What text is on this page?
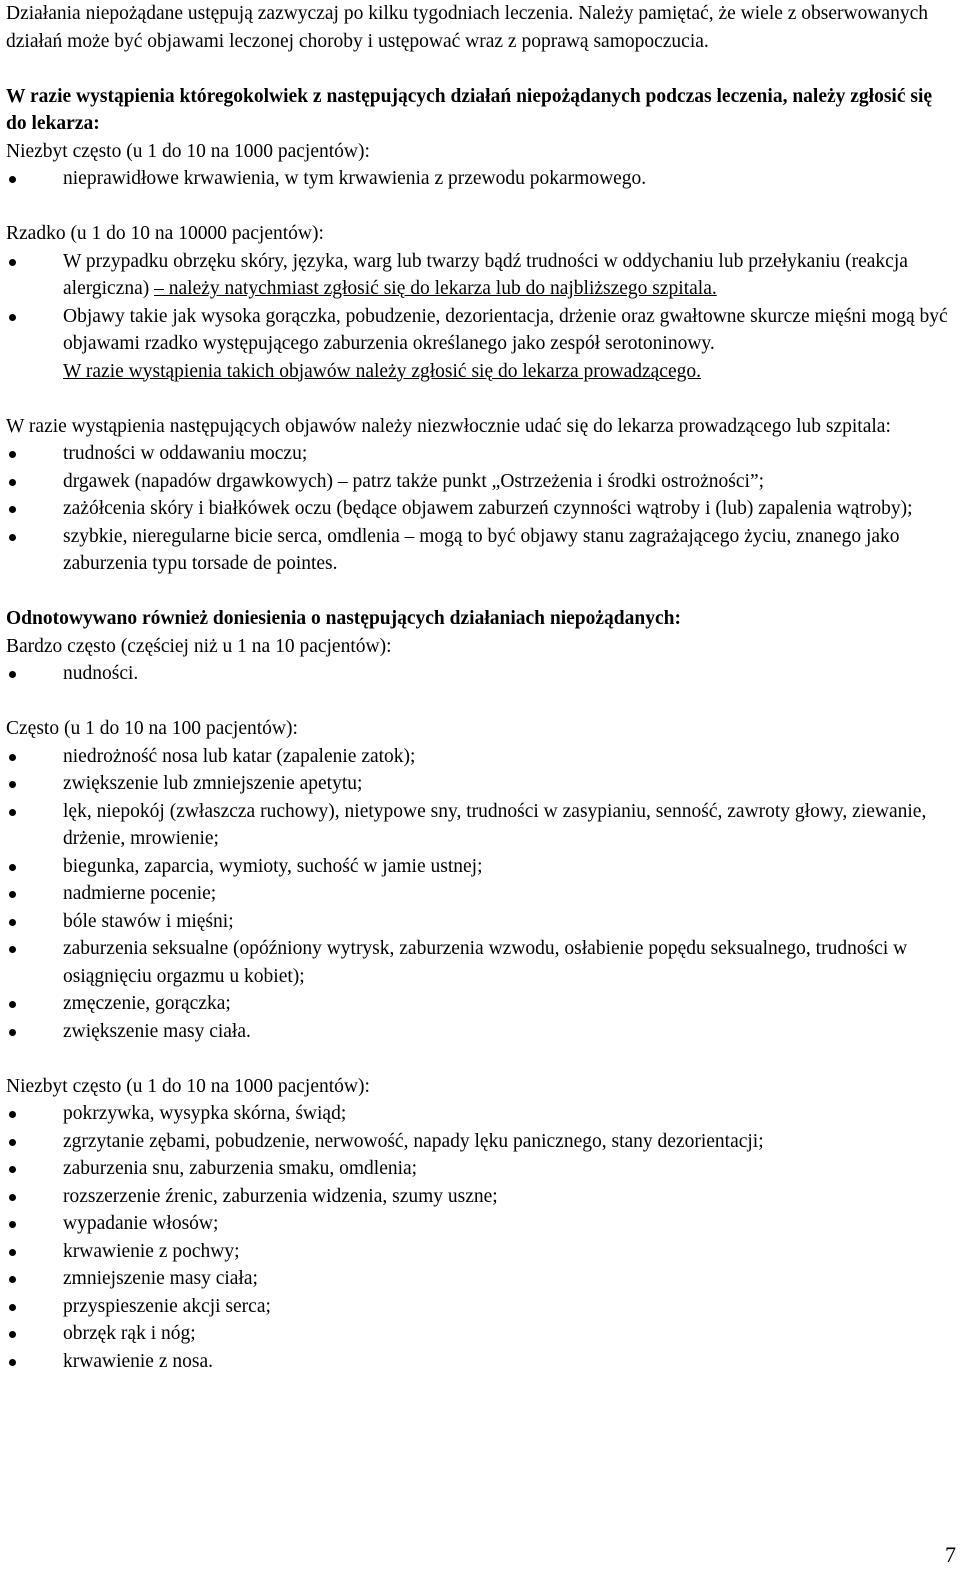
Działania niepożądane ustępują zazwyczaj po kilku tygodniach leczenia. Należy pamiętać, że wiele z obserwowanych działań może być objawami leczonej choroby i ustępować wraz z poprawą samopoczucia.

W razie wystąpienia któregokolwiek z następujących działań niepożądanych podczas leczenia, należy zgłosić się do lekarza:

Niezbyt często (u 1 do 10 na 1000 pacjentów):

nieprawidłowe krwawienia, w tym krwawienia z przewodu pokarmowego.

Rzadko (u 1 do 10 na 10000 pacjentów):

W przypadku obrzęku skóry, języka, warg lub twarzy bądź trudności w oddychaniu lub przełykaniu (reakcja alergiczna) – należy natychmiast zgłosić się do lekarza lub do najbliższego szpitala.
Objawy takie jak wysoka gorączka, pobudzenie, dezorientacja, drżenie oraz gwałtowne skurcze mięśni mogą być objawami rzadko występującego zaburzenia określanego jako zespół serotoninowy.
W razie wystąpienia takich objawów należy zgłosić się do lekarza prowadzącego.

W razie wystąpienia następujących objawów należy niezwłocznie udać się do lekarza prowadzącego lub szpitala:

trudności w oddawaniu moczu;
drgawek (napadów drgawkowych) – patrz także punkt „Ostrzeżenia i środki ostrożności”;
zażółcenia skóry i białkówek oczu (będące objawem zaburzeń czynności wątroby i (lub) zapalenia wątroby);
szybkie, nieregularne bicie serca, omdlenia – mogą to być objawy stanu zagrażającego życiu, znanego jako zaburzenia typu torsade de pointes.

Odnotowywano również doniesienia o następujących działaniach niepożądanych:

Bardzo często (częściej niż u 1 na 10 pacjentów):

nudności.

Często (u 1 do 10 na 100 pacjentów):

niedrożność nosa lub katar (zapalenie zatok);
zwiększenie lub zmniejszenie apetytu;
lęk, niepokój (zwłaszcza ruchowy), nietypowe sny, trudności w zasypianiu, senność, zawroty głowy, ziewanie, drżenie, mrowienie;
biegunka, zaparcia, wymioty, suchość w jamie ustnej;
nadmierne pocenie;
bóle stawów i mięśni;
zaburzenia seksualne (opóźniony wytrysk, zaburzenia wzwodu, osłabienie popędu seksualnego, trudności w osiągnięciu orgazmu u kobiet);
zmęczenie, gorączka;
zwiększenie masy ciała.

Niezbyt często (u 1 do 10 na 1000 pacjentów):

pokrzywka, wysypka skórna, świąd;
zgrzytanie zębami, pobudzenie, nerwowość, napady lęku panicznego, stany dezorientacji;
zaburzenia snu, zaburzenia smaku, omdlenia;
rozszerzenie źrenic, zaburzenia widzenia, szumy uszne;
wypadanie włosów;
krwawienie z pochwy;
zmniejszenie masy ciała;
przyspieszenie akcji serca;
obrzęk rąk i nóg;
krwawienie z nosa.
7
